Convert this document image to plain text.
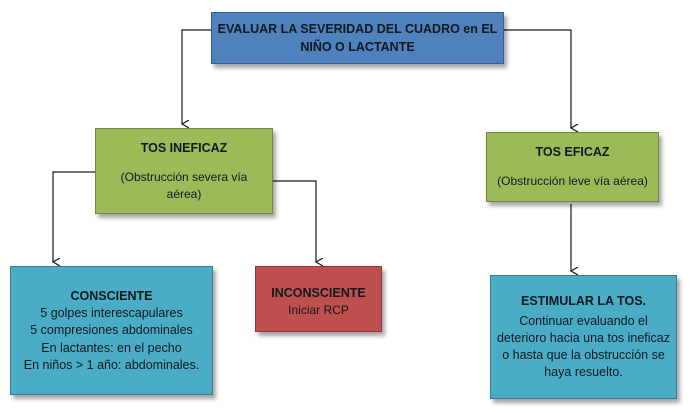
EVALUAR LA SEVERIDAD DEL CUADRO en EL
NIÑO O LACTANTE
TOS INEFICAZ
(Obstrucción severa vía
aérea)
TOS EFICAZ
(Obstrucción leve vía aérea)
CONSCIENTE
5 golpes interescapulares
5 compresiones abdominales
En lactantes: en el pecho
En niños > 1 año: abdominales.
INCONSCIENTE
Iniciar RCP
ESTIMULAR LA TOS.
Continuar evaluando el
deterioro hacia una tos ineficaz
o hasta que la obstrucción se
haya resuelto.
